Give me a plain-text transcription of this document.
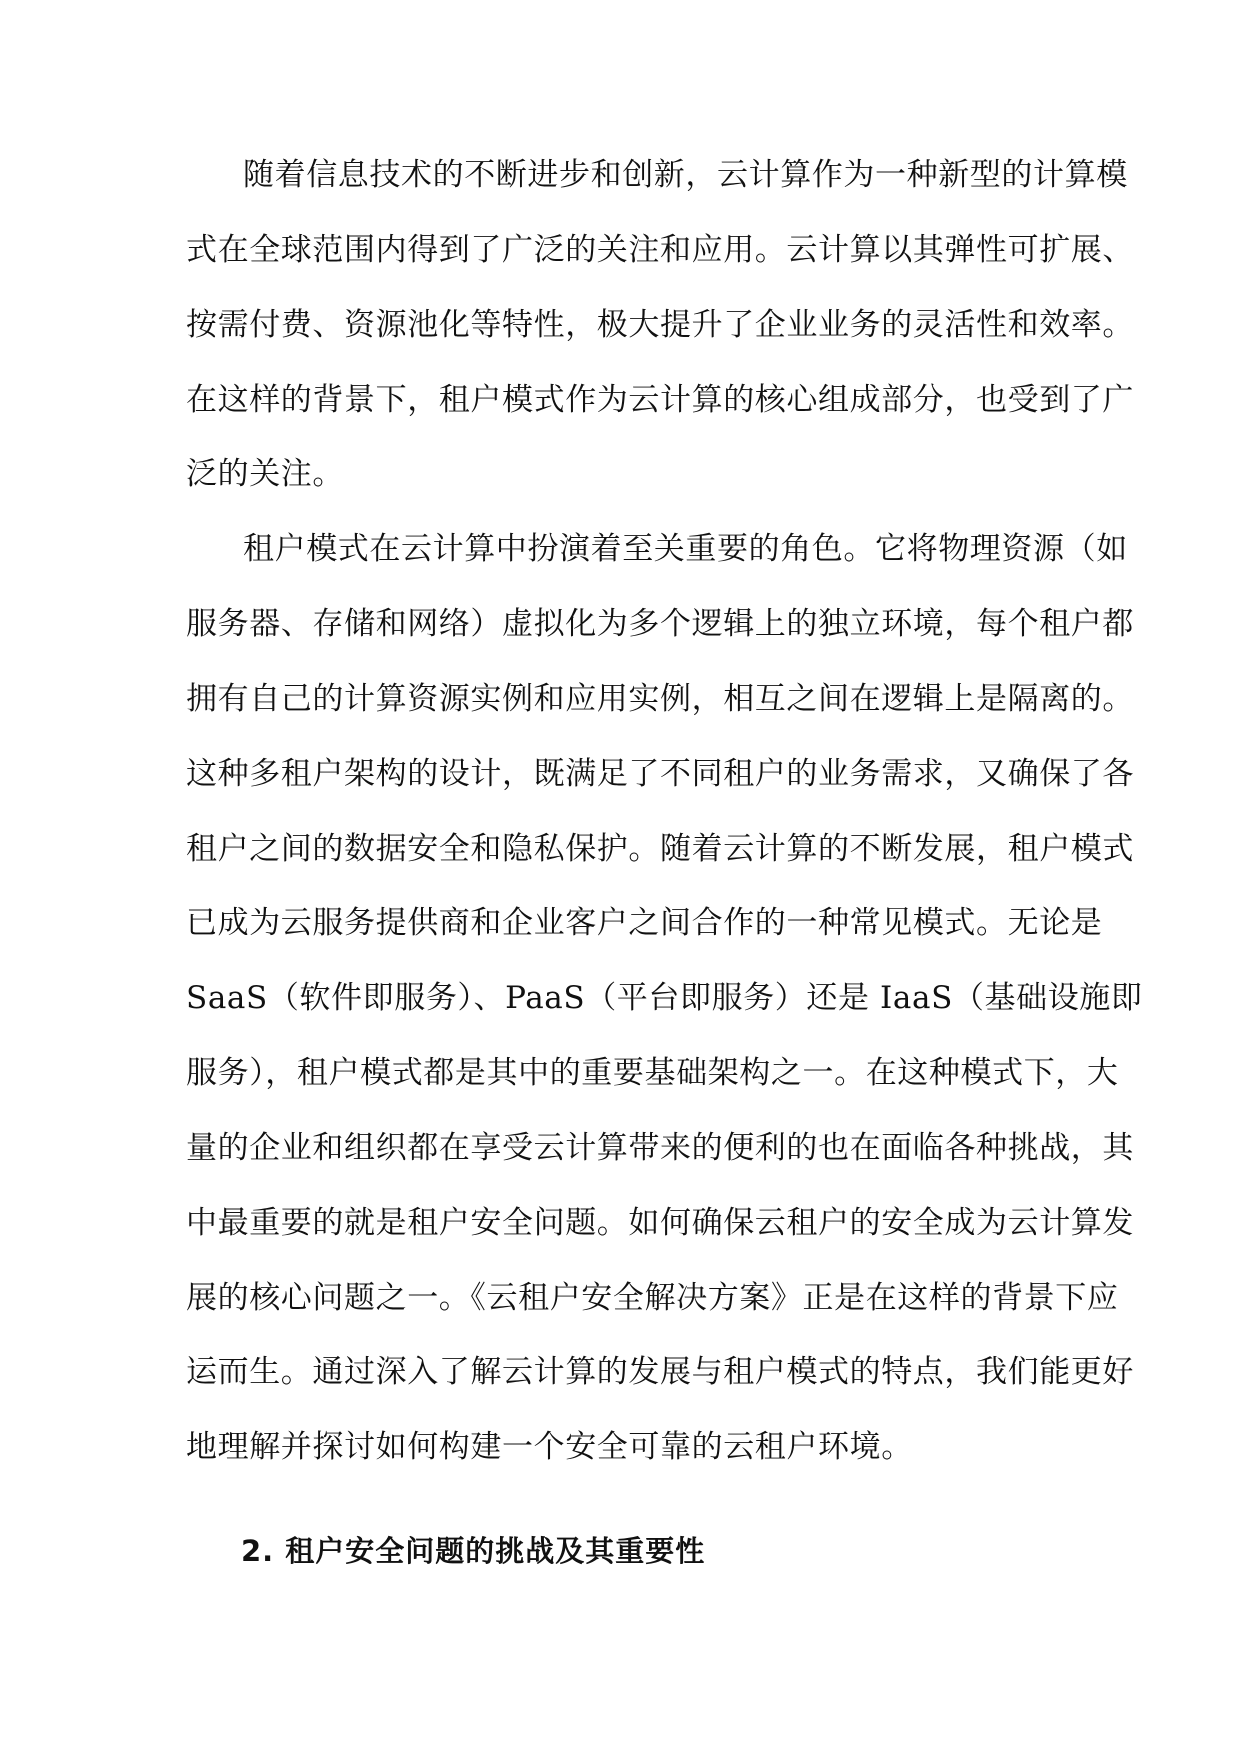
随着信息技术的不断进步和创新，云计算作为一种新型的计算模
式在全球范围内得到了广泛的关注和应用。云计算以其弹性可扩展、
按需付费、资源池化等特性，极大提升了企业业务的灵活性和效率。
在这样的背景下，租户模式作为云计算的核心组成部分，也受到了广
泛的关注。
租户模式在云计算中扮演着至关重要的角色。它将物理资源（如
服务器、存储和网络）虚拟化为多个逻辑上的独立环境，每个租户都
拥有自己的计算资源实例和应用实例，相互之间在逻辑上是隔离的。
这种多租户架构的设计，既满足了不同租户的业务需求，又确保了各
租户之间的数据安全和隐私保护。随着云计算的不断发展，租户模式
已成为云服务提供商和企业客户之间合作的一种常见模式。无论是
SaaS（软件即服务）、PaaS（平台即服务）还是 IaaS（基础设施即
服务），租户模式都是其中的重要基础架构之一。在这种模式下，大
量的企业和组织都在享受云计算带来的便利的也在面临各种挑战，其
中最重要的就是租户安全问题。如何确保云租户的安全成为云计算发
展的核心问题之一。《云租户安全解决方案》正是在这样的背景下应
运而生。通过深入了解云计算的发展与租户模式的特点，我们能更好
地理解并探讨如何构建一个安全可靠的云租户环境。
2. 租户安全问题的挑战及其重要性
